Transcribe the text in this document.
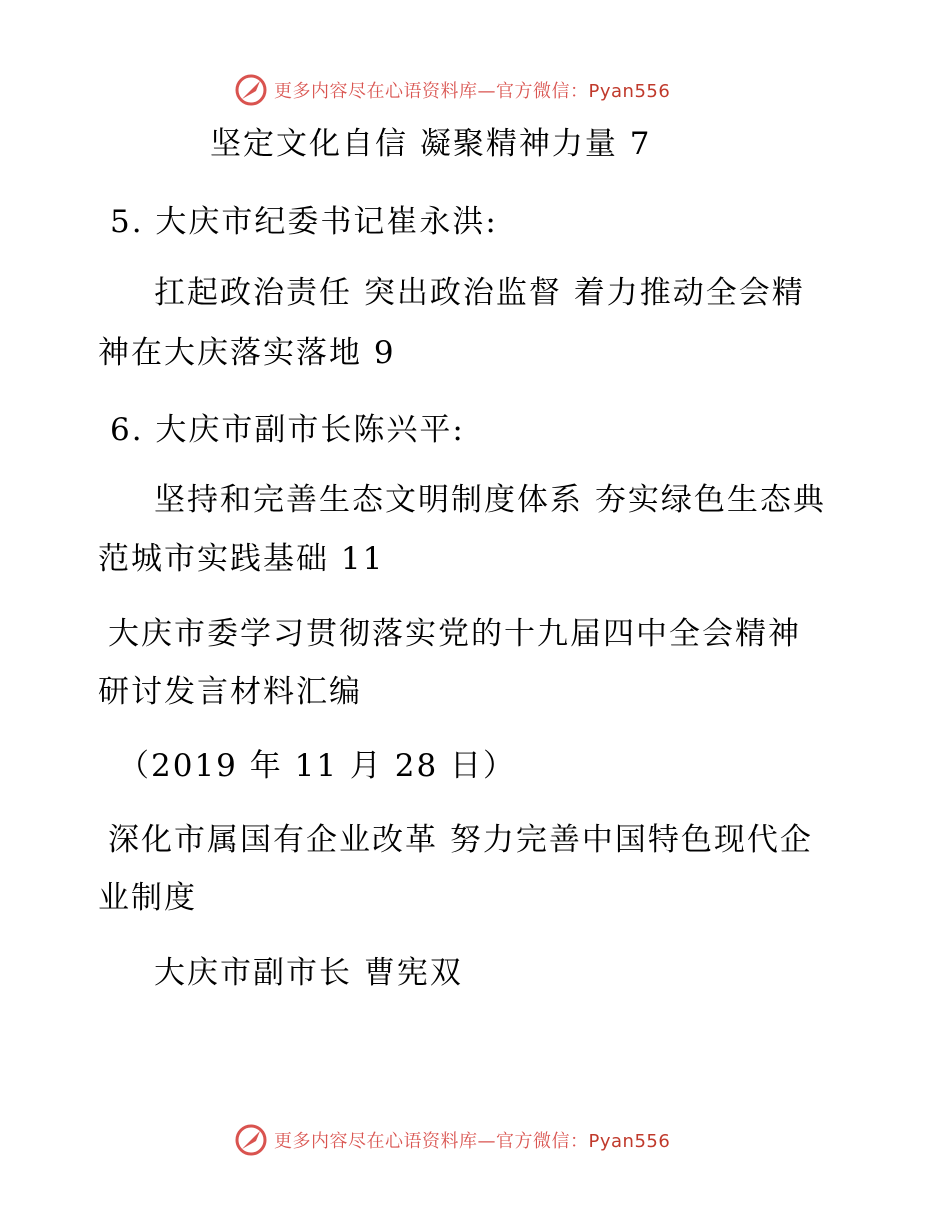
更多内容尽在心语资料库—官方微信：Pyan556
坚定文化自信 凝聚精神力量 7
5. 大庆市纪委书记崔永洪:
扛起政治责任 突出政治监督 着力推动全会精
神在大庆落实落地 9
6. 大庆市副市长陈兴平:
坚持和完善生态文明制度体系 夯实绿色生态典
范城市实践基础 11
大庆市委学习贯彻落实党的十九届四中全会精神
研讨发言材料汇编
（2019 年 11 月 28 日）
深化市属国有企业改革 努力完善中国特色现代企
业制度
大庆市副市长 曹宪双
更多内容尽在心语资料库—官方微信：Pyan556
